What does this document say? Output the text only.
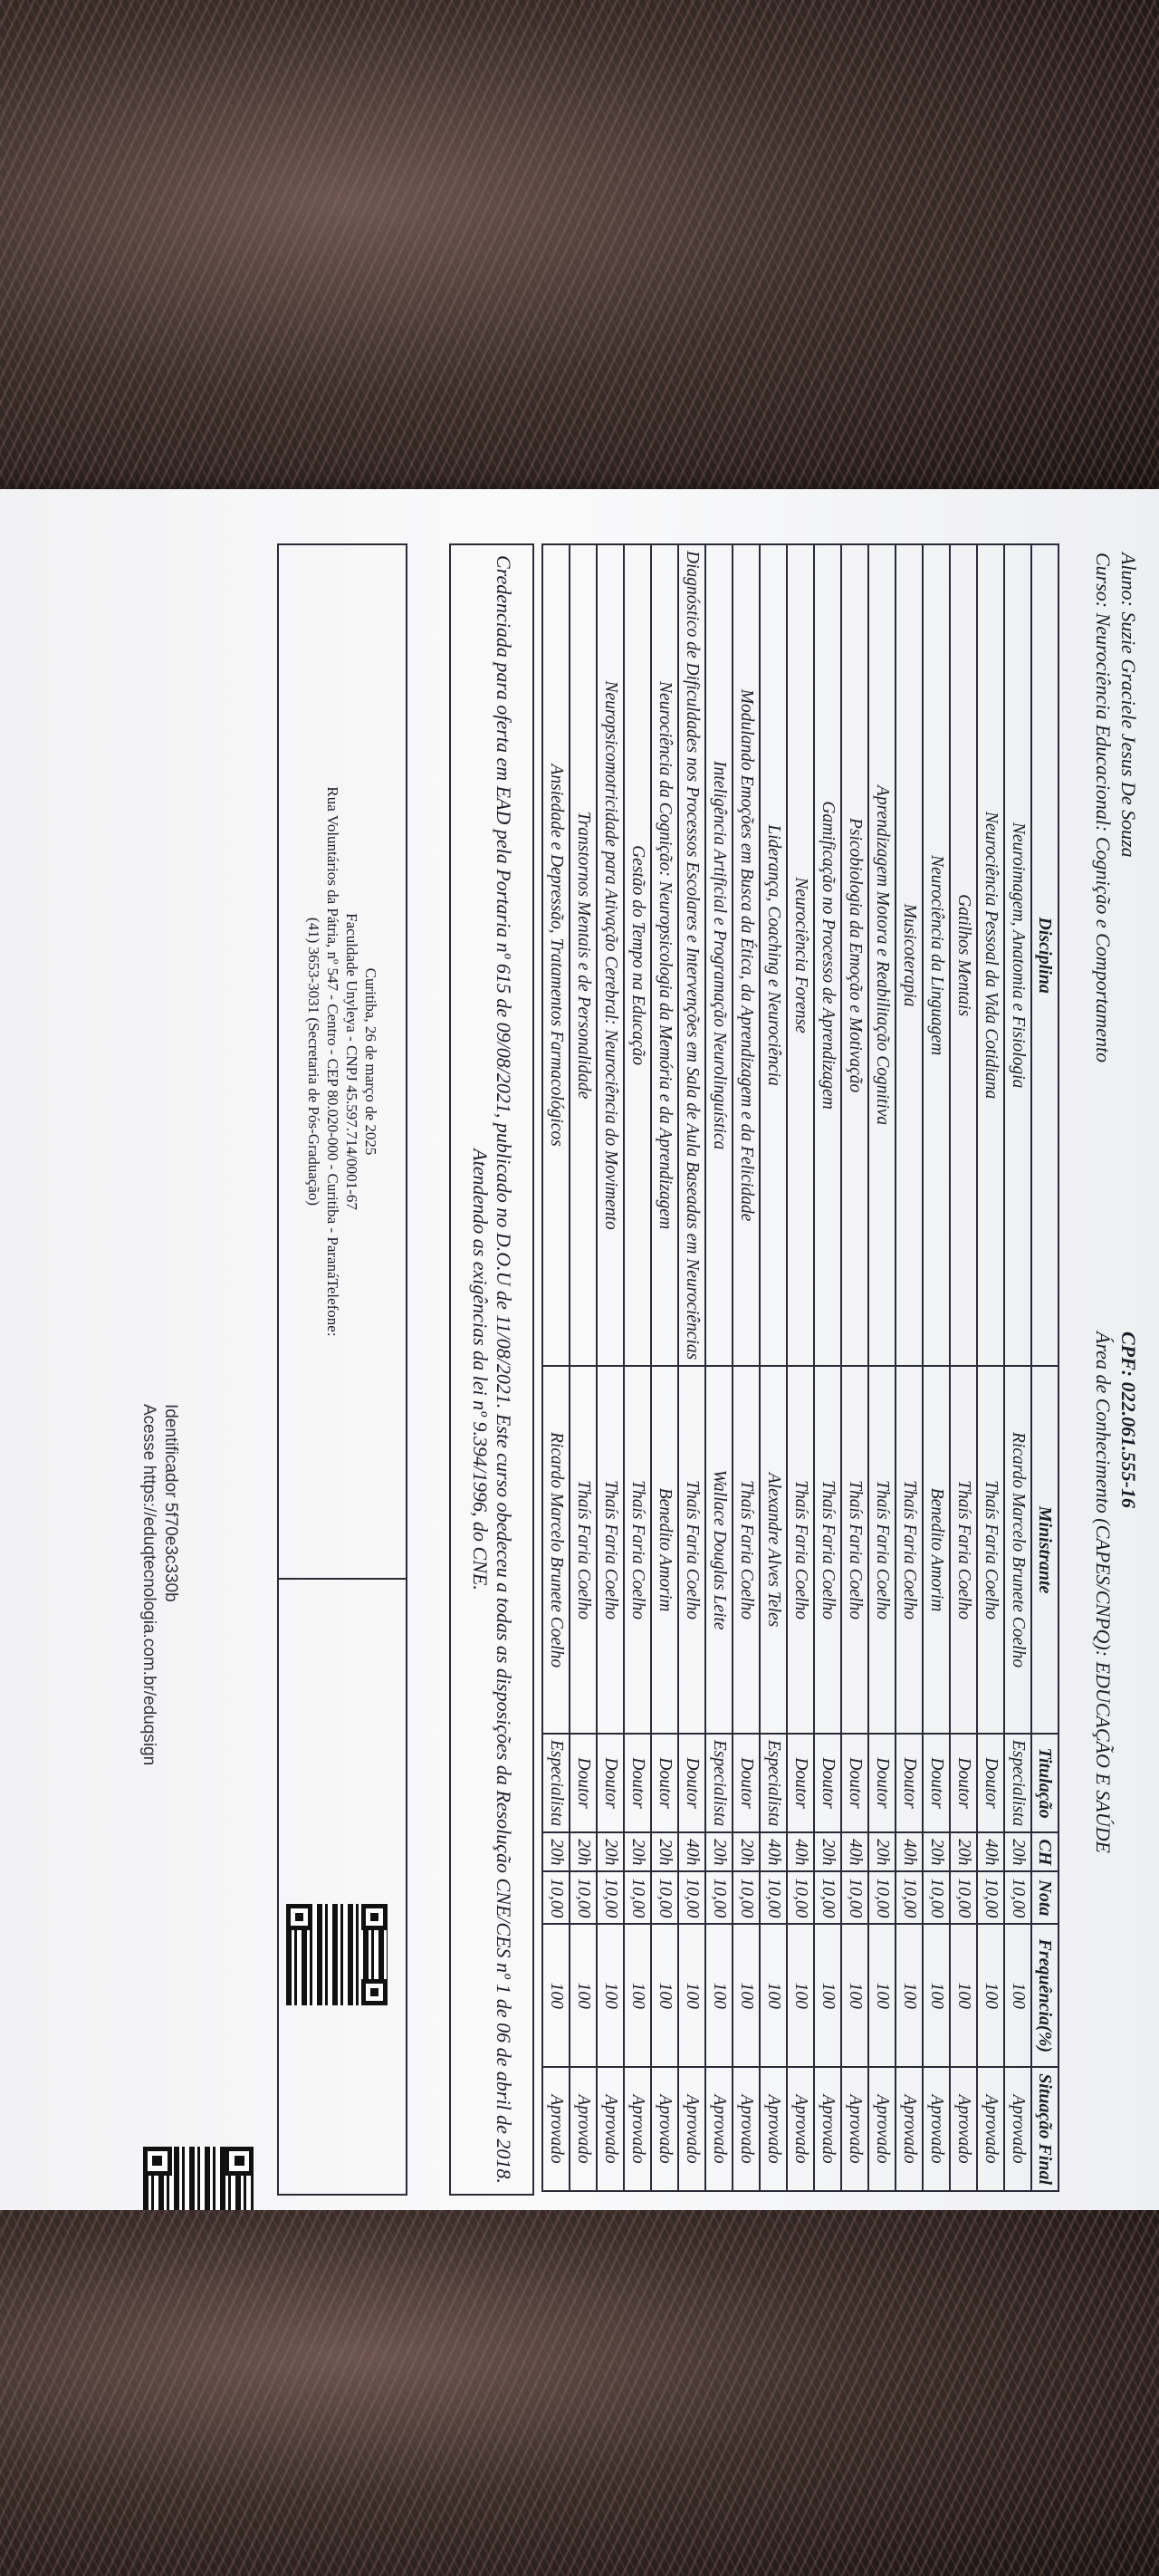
Aluno: Suzie Graciele Jesus De Souza
Curso: Neurociência Educacional: Cognição e Comportamento
CPF: 022.061.555-16
Área de Conhecimento (CAPES/CNPQ): EDUCAÇÃO E SAÚDE
Disciplina	Ministrante	Titulação	CH	Nota	Frequência(%)	Situação Final
Neuroimagem, Anatomia e Fisiologia	Ricardo Marcelo Brunete Coelho	Especialista	20h	10,00	100	Aprovado
Neurociência Pessoal da Vida Cotidiana	Thaís Faria Coelho	Doutor	40h	10,00	100	Aprovado
Gatilhos Mentais	Thaís Faria Coelho	Doutor	20h	10,00	100	Aprovado
Neurociência da Linguagem	Benedito Amorim	Doutor	20h	10,00	100	Aprovado
Musicoterapia	Thaís Faria Coelho	Doutor	40h	10,00	100	Aprovado
Aprendizagem Motora e Reabilitação Cognitiva	Thaís Faria Coelho	Doutor	20h	10,00	100	Aprovado
Psicobiologia da Emoção e Motivação	Thaís Faria Coelho	Doutor	40h	10,00	100	Aprovado
Gamificação no Processo de Aprendizagem	Thaís Faria Coelho	Doutor	20h	10,00	100	Aprovado
Neurociência Forense	Thaís Faria Coelho	Doutor	40h	10,00	100	Aprovado
Liderança, Coaching e Neurociência	Alexandre Alves Teles	Especialista	40h	10,00	100	Aprovado
Modulando Emoções em Busca da Ética, da Aprendizagem e da Felicidade	Thaís Faria Coelho	Doutor	20h	10,00	100	Aprovado
Inteligência Artificial e Programação Neurolinguística	Wallace Douglas Leite	Especialista	20h	10,00	100	Aprovado
Diagnóstico de Dificuldades nos Processos Escolares e Intervenções em Sala de Aula Baseadas em Neurociências	Thaís Faria Coelho	Doutor	40h	10,00	100	Aprovado
Neurociência da Cognição: Neuropsicologia da Memória e da Aprendizagem	Benedito Amorim	Doutor	20h	10,00	100	Aprovado
Gestão do Tempo na Educação	Thaís Faria Coelho	Doutor	20h	10,00	100	Aprovado
Neuropsicomotricidade para Ativação Cerebral: Neurociência do Movimento	Thaís Faria Coelho	Doutor	20h	10,00	100	Aprovado
Transtornos Mentais e de Personalidade	Thaís Faria Coelho	Doutor	20h	10,00	100	Aprovado
Ansiedade e Depressão, Tratamentos Farmacológicos	Ricardo Marcelo Brunete Coelho	Especialista	20h	10,00	100	Aprovado
Credenciada para oferta em EAD pela Portaria nº 615 de 09/08/2021, publicado no D.O.U de 11/08/2021. Este curso obedeceu a todas as disposições da Resolução CNE/CES nº 1 de 06 de abril de 2018.
Atendendo as exigências da lei nº 9.394/1996, do CNE.
Curitiba, 26 de março de 2025
Faculdade Unyleya - CNPJ 45.597.714/0001-67
Rua Voluntários da Pátria, nº 547 - Centro - CEP 80.020-000 - Curitiba - ParanáTelefone:
(41) 3653-3031 (Secretaria de Pós-Graduação)
Identificador 5f70e3c330b
Acesse https://eduqtecnologia.com.br/eduqsign
